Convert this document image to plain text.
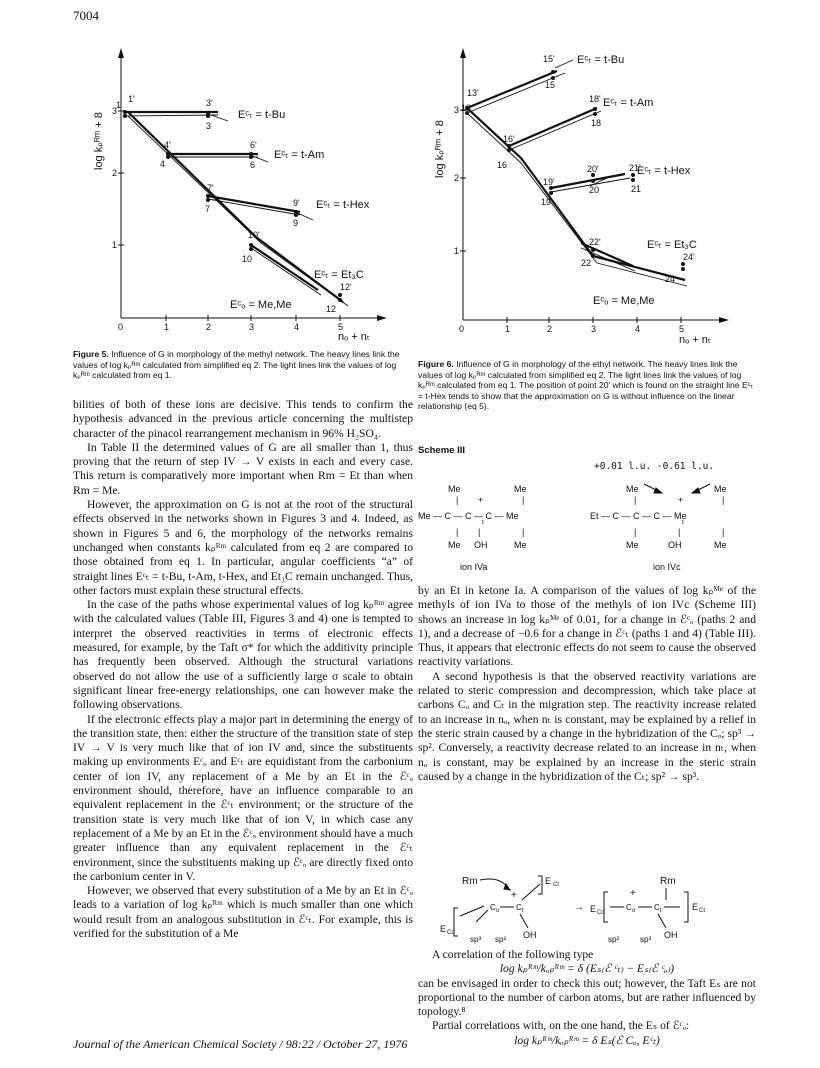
7004
0	1	2	3	4	5
1
2
3
nₒ + nₜ
log kₚᴿᵐ + 8
1
1'
3
3'
4
4'
6
6'
7
7'
9
9'
10
10'
12
12'
Eᶜₜ = t-Bu
Eᶜₜ = t-Am
Eᶜₜ = t-Hex
Eᶜₜ = Et₃C
Eᶜₒ = Me,Me
Figure 5. Influence of G in morphology of the methyl network. The heavy lines link the values of log kₚᴿᵐ calculated from simplified eq 2. The light lines link the values of log kₚᴿᵐ calculated from eq 1.
0	1	2	3	4	5
1
2
3
nₒ + nₜ
log kₚᴿᵐ + 8
13
13'
15
15'
16
16'
18
18'
19
19'
20
20'
21
21'
22
22'
24
24'
Eᶜₜ = t-Bu
Eᶜₜ = t-Am
Eᶜₜ = t-Hex
Eᶜₜ = Et₃C
Eᶜₒ = Me,Me
Figure 6. Influence of G in morphology of the ethyl network. The heavy lines link the values of log kₚᴿᵐ calculated from simplified eq 2. The light lines link the values of log kₚᴿᵐ calculated from eq 1. The position of point 20′ which is found on the straight line Eᶜₜ = t-Hex tends to show that the approximation on G is without influence on the linear relationship (eq 5).

bilities of both of these ions are decisive. This tends to confirm the hypothesis advanced in the previous article concerning the multistep character of the pinacol rearrangement mechanism in 96% H₂SO₄.

In Table II the determined values of G are all smaller than 1, thus proving that the return of step IV → V exists in each and every case. This return is comparatively more important when Rm = Et than when Rm = Me.

However, the approximation on G is not at the root of the structural effects observed in the networks shown in Figures 3 and 4. Indeed, as shown in Figures 5 and 6, the morphology of the networks remains unchanged when constants kₚᴿᵐ calculated from eq 2 are compared to those obtained from eq 1. In particular, angular coefficients “a” of straight lines Eᶜₜ = t-Bu, t-Am, t-Hex, and Et₃C remain unchanged. Thus, other factors must explain these structural effects.

In the case of the paths whose experimental values of log kₚᴿᵐ agree with the calculated values (Table III, Figures 3 and 4) one is tempted to interpret the observed reactivities in terms of electronic effects measured, for example, by the Taft σ* for which the additivity principle has frequently been observed. Although the structural variations observed do not allow the use of a sufficiently large σ scale to obtain significant linear free-energy relationships, one can however make the following observations.

If the electronic effects play a major part in determining the energy of the transition state, then: either the structure of the transition state of step IV → V is very much like that of ion IV and, since the substituents making up environments Eᶜₒ and Eᶜₜ are equidistant from the carbonium center of ion IV, any replacement of a Me by an Et in the ℰᶜₒ environment should, therefore, have an influence comparable to an equivalent replacement in the ℰᶜₜ environment; or the structure of the transition state is very much like that of ion V, in which case any replacement of a Me by an Et in the ℰᶜₒ environment should have a much greater influence than any equivalent replacement in the ℰᶜₜ environment, since the substituents making up ℰᶜₒ are directly fixed onto the carbonium center in V.

However, we observed that every substitution of a Me by an Et in ℰᶜₒ leads to a variation of log kₚᴿᵐ which is much smaller than one which would result from an analogous substitution in ℰᶜₜ. For example, this is verified for the substitution of a Me

Scheme III
+0.01 l.u. -0.61 l.u.
Me	Me
| +	|
Me — C — C — C — Me
t
| |	|
Me OH	Me
ion IVa
Me	Me
|	+	|
Et — C — C — C — Me
t
|	|	|
Me	OH	Me
ion IVc

by an Et in ketone Ia. A comparison of the values of log kₚᴹᵉ of the methyls of ion IVa to those of the methyls of ion IVc (Scheme III) shows an increase in log kₚᴹᵉ of 0.01, for a change in ℰᶜₒ (paths 2 and 1), and a decrease of −0.6 for a change in ℰᶜₜ (paths 1 and 4) (Table III). Thus, it appears that electronic effects do not seem to cause the observed reactivity variations.

A second hypothesis is that the observed reactivity variations are related to steric compression and decompression, which take place at carbons Cₒ and Cₜ in the migration step. The reactivity increase related to an increase in nₒ, when nₜ is constant, may be explained by a relief in the steric strain caused by a change in the hybridization of the Cₒ; sp³ → sp². Conversely, a reactivity decrease related to an increase in nₜ, when nₒ is constant, may be explained by an increase in the steric strain caused by a change in the hybridization of the Cₜ; sp² → sp³.

Rm	E Ct
E Co
C o C t
+
sp³ sp² OH
→ E Co
C o C t
+
Rm
E Ct
sp²	sp³ OH

A correlation of the following type

log kₚᴿᵐ/kₒₚᴿᵐ = δ (Eₛ₍ℰ ᶜₜ₎ − Eₛ₍ℰ ᶜₒ₎)

can be envisaged in order to check this out; however, the Taft Eₛ are not proportional to the number of carbon atoms, but are rather influenced by topology.⁸

Partial correlations with, on the one hand, the Eₛ of ℰᶜₒ:

log kₚᴿᵐ/kₒₚᴿᵐ = δ Eₛ(ℰ Cₒ, Eᶜₜ)

Journal of the American Chemical Society / 98:22 / October 27, 1976
